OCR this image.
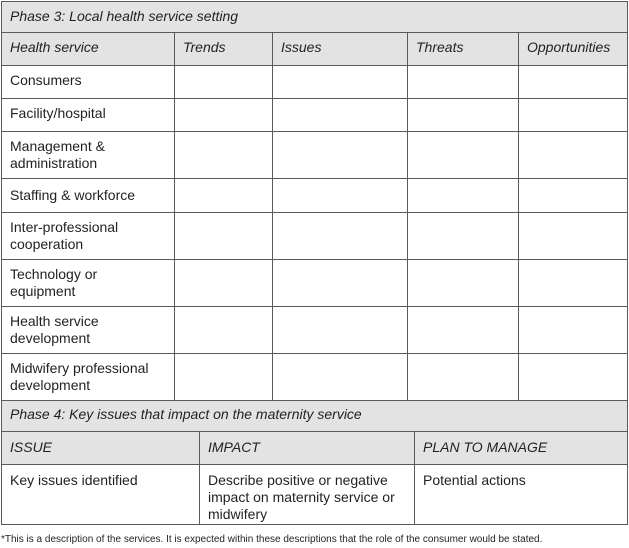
Phase 3: Local health service setting				
Health service	Trends	Issues	Threats	Opportunities
Consumers				
Facility/hospital				
Management & administration				
Staffing & workforce				
Inter-professional cooperation				
Technology or equipment				
Health service development				
Midwifery professional development				
Phase 4: Key issues that impact on the maternity service		
ISSUE	IMPACT	PLAN TO MANAGE
Key issues identified	Describe positive or negative impact on maternity service or midwifery	Potential actions
*This is a description of the services. It is expected within these descriptions that the role of the consumer would be stated.
